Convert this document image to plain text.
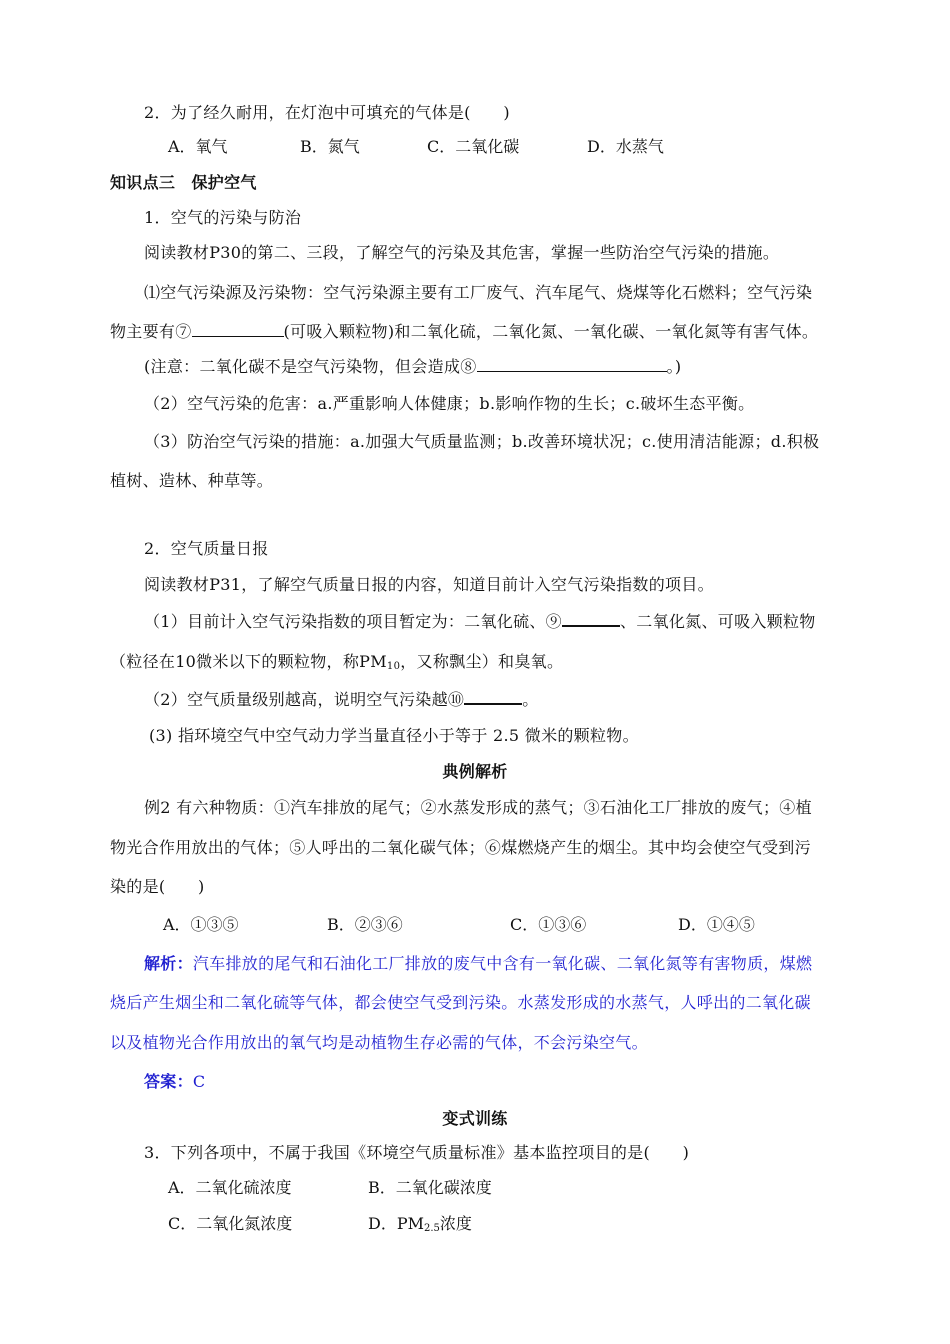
2．为了经久耐用，在灯泡中可填充的气体是(　　)
A．氧气	B．氮气	C．二氧化碳	D．水蒸气
知识点三　保护空气
1．空气的污染与防治
阅读教材P30的第二、三段，了解空气的污染及其危害，掌握一些防治空气污染的措施。
⑴空气污染源及污染物：空气污染源主要有工厂废气、汽车尾气、烧煤等化石燃料；空气污染
物主要有⑦	(可吸入颗粒物)和二氧化硫，二氧化氮、一氧化碳、一氧化氮等有害气体。
(注意：二氧化碳不是空气污染物，但会造成⑧	。)
（2）空气污染的危害：a.严重影响人体健康；b.影响作物的生长；c.破坏生态平衡。
（3）防治空气污染的措施：a.加强大气质量监测；b.改善环境状况；c.使用清洁能源；d.积极
植树、造林、种草等。
2．空气质量日报
阅读教材P31，了解空气质量日报的内容，知道目前计入空气污染指数的项目。
（1）目前计入空气污染指数的项目暂定为：二氧化硫、⑨	、二氧化氮、可吸入颗粒物
（粒径在10微米以下的颗粒物，称$PM_{10}$，又称飘尘）和臭氧。
（2）空气质量级别越高，说明空气污染越⑩	。
(3) 指环境空气中空气动力学当量直径小于等于 2.5 微米的颗粒物。
典例解析
例2 有六种物质：①汽车排放的尾气；②水蒸发形成的蒸气；③石油化工厂排放的废气；④植
物光合作用放出的气体；⑤人呼出的二氧化碳气体；⑥煤燃烧产生的烟尘。其中均会使空气受到污
染的是(　　)
A．①③⑤	B．②③⑥	C．①③⑥	D．①④⑤
解析：汽车排放的尾气和石油化工厂排放的废气中含有一氧化碳、二氧化氮等有害物质，煤燃
烧后产生烟尘和二氧化硫等气体，都会使空气受到污染。水蒸发形成的水蒸气，人呼出的二氧化碳
以及植物光合作用放出的氧气均是动植物生存必需的气体，不会污染空气。
答案：C
变式训练
3．下列各项中，不属于我国《环境空气质量标准》基本监控项目的是(　　)
A．二氧化硫浓度	B．二氧化碳浓度
C．二氧化氮浓度	D．$PM_{2.5}$浓度
